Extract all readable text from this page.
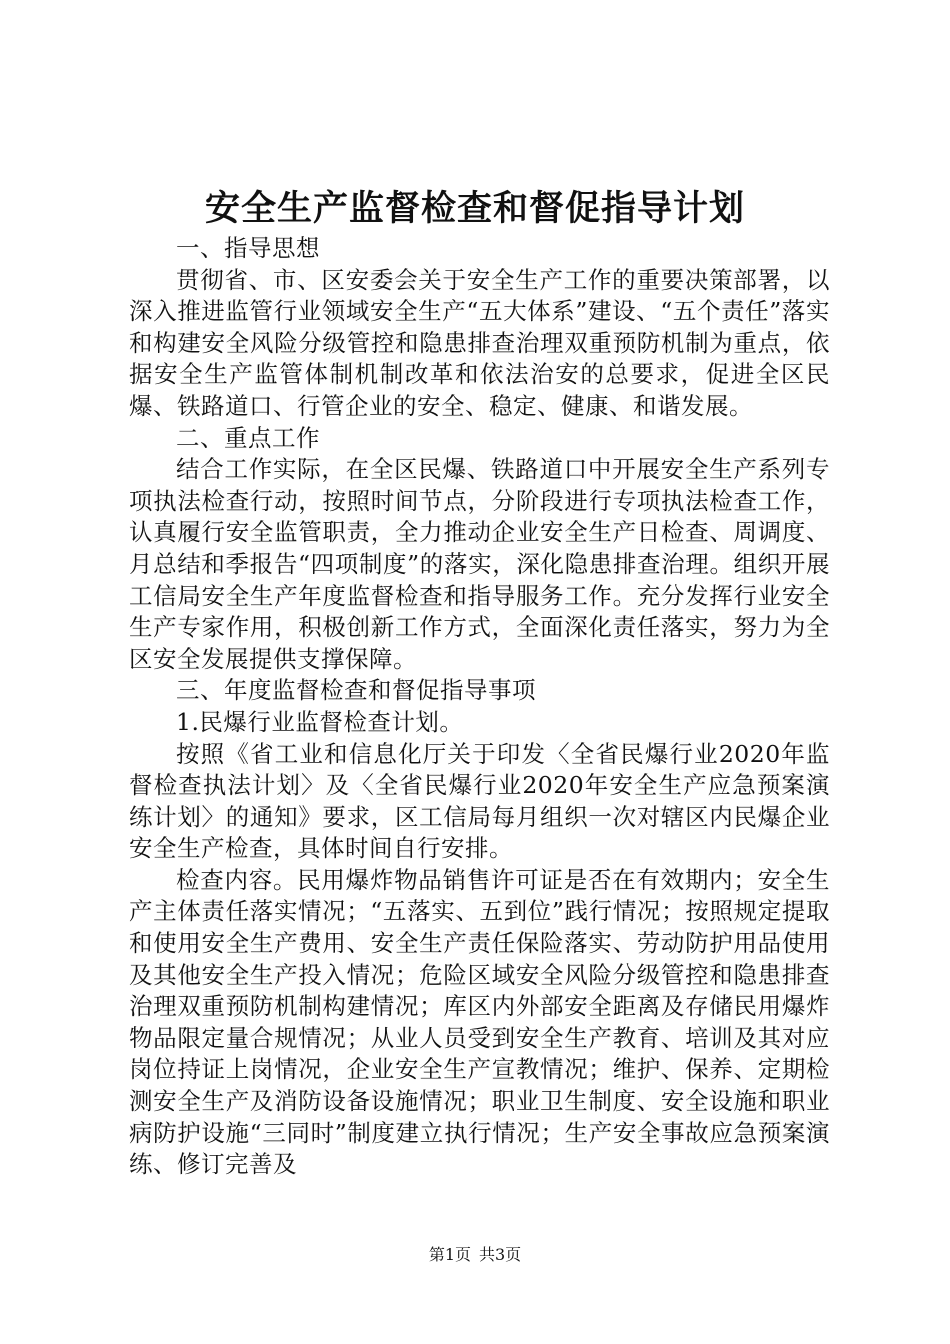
安全生产监督检查和督促指导计划

一、指导思想

贯彻省、市、区安委会关于安全生产工作的重要决策部署，以深入推进监管行业领域安全生产“五大体系”建设、“五个责任”落实和构建安全风险分级管控和隐患排查治理双重预防机制为重点，依据安全生产监管体制机制改革和依法治安的总要求，促进全区民爆、铁路道口、行管企业的安全、稳定、健康、和谐发展。

二、重点工作

结合工作实际，在全区民爆、铁路道口中开展安全生产系列专项执法检查行动，按照时间节点，分阶段进行专项执法检查工作，认真履行安全监管职责，全力推动企业安全生产日检查、周调度、月总结和季报告“四项制度”的落实，深化隐患排查治理。组织开展工信局安全生产年度监督检查和指导服务工作。充分发挥行业安全生产专家作用，积极创新工作方式，全面深化责任落实，努力为全区安全发展提供支撑保障。

三、年度监督检查和督促指导事项

1.民爆行业监督检查计划。

按照《省工业和信息化厅关于印发〈全省民爆行业2020年监督检查执法计划〉及〈全省民爆行业2020年安全生产应急预案演练计划〉的通知》要求，区工信局每月组织一次对辖区内民爆企业安全生产检查，具体时间自行安排。

检查内容。民用爆炸物品销售许可证是否在有效期内；安全生产主体责任落实情况；“五落实、五到位”践行情况；按照规定提取和使用安全生产费用、安全生产责任保险落实、劳动防护用品使用及其他安全生产投入情况；危险区域安全风险分级管控和隐患排查治理双重预防机制构建情况；库区内外部安全距离及存储民用爆炸物品限定量合规情况；从业人员受到安全生产教育、培训及其对应岗位持证上岗情况，企业安全生产宣教情况；维护、保养、定期检测安全生产及消防设备设施情况；职业卫生制度、安全设施和职业病防护设施“三同时”制度建立执行情况；生产安全事故应急预案演练、修订完善及

第1页 共3页
